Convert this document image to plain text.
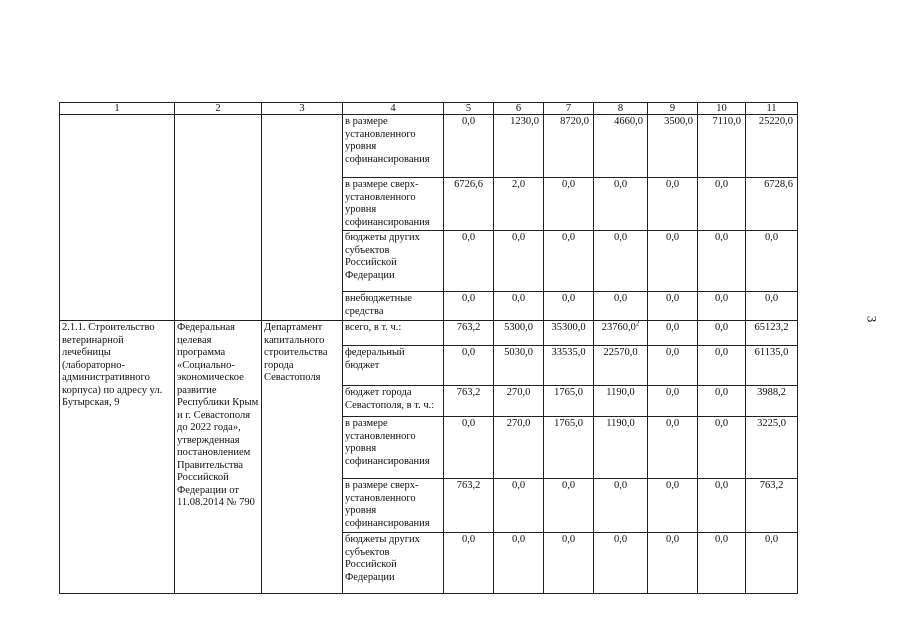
1	2	3	4	5	6	7	8	9	10	11
			в размере установленного уровня софинансирования	0,0	1230,0	8720,0	4660,0	3500,0	7110,0	25220,0
			в размере сверх-установленного уровня софинансирования	6726,6	2,0	0,0	0,0	0,0	0,0	6728,6
			бюджеты других субъектов Российской Федерации	0,0	0,0	0,0	0,0	0,0	0,0	0,0
			внебюджетные средства	0,0	0,0	0,0	0,0	0,0	0,0	0,0
2.1.1. Строительство ветеринарной лечебницы (лабораторно-административного корпуса) по адресу ул. Бутырская, 9	Федеральная целевая программа «Социально-экономическое развитие Республики Крым и г. Севастополя до 2022 года», утвержденная постановлением Правительства Российской Федерации от 11.08.2014 № 790	Департамент капитального строительства города Севастополя	всего, в т. ч.:	763,2	5300,0	35300,0	23760,0$^2$	0,0	0,0	65123,2
			федеральный бюджет	0,0	5030,0	33535,0	22570,0	0,0	0,0	61135,0
			бюджет города Севастополя, в т. ч.:	763,2	270,0	1765,0	1190,0	0,0	0,0	3988,2
			в размере установленного уровня софинансирования	0,0	270,0	1765,0	1190,0	0,0	0,0	3225,0
			в размере сверх-установленного уровня софинансирования	763,2	0,0	0,0	0,0	0,0	0,0	763,2
			бюджеты других субъектов Российской Федерации	0,0	0,0	0,0	0,0	0,0	0,0	0,0
3
